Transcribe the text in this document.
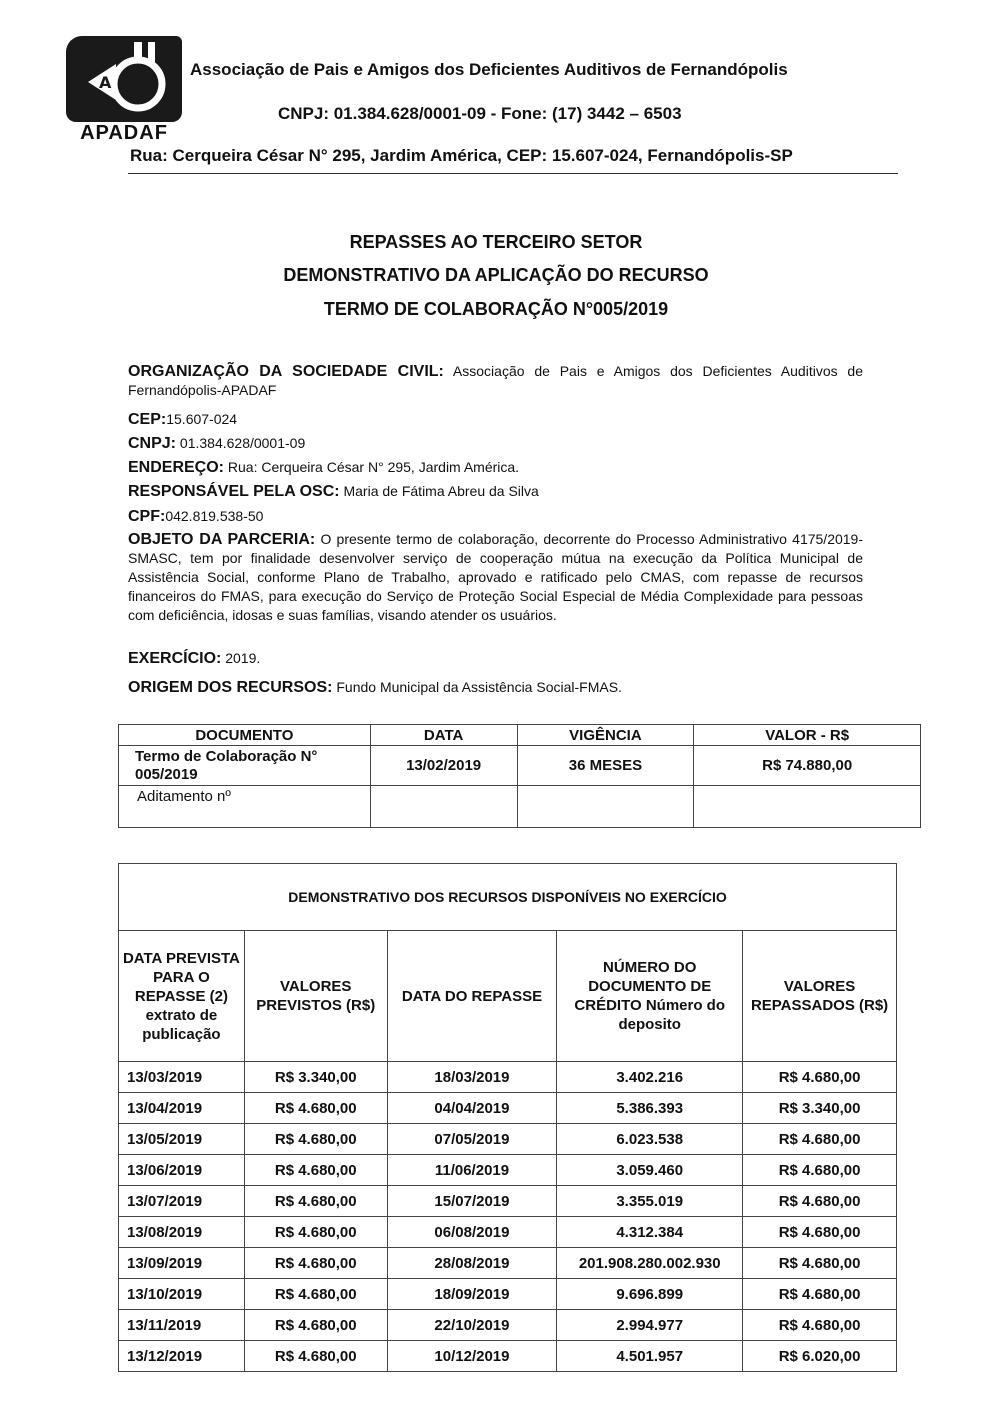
A
APADAF
Associação de Pais e Amigos dos Deficientes Auditivos de Fernandópolis
CNPJ: 01.384.628/0001-09 - Fone: (17) 3442 – 6503
Rua: Cerqueira César N° 295, Jardim América, CEP: 15.607-024, Fernandópolis-SP
REPASSES AO TERCEIRO SETOR
DEMONSTRATIVO DA APLICAÇÃO DO RECURSO
TERMO DE COLABORAÇÃO N°005/2019
ORGANIZAÇÃO DA SOCIEDADE CIVIL: Associação de Pais e Amigos dos Deficientes Auditivos de Fernandópolis-APADAF
CEP:15.607-024
CNPJ: 01.384.628/0001-09
ENDEREÇO: Rua: Cerqueira César N° 295, Jardim América.
RESPONSÁVEL PELA OSC: Maria de Fátima Abreu da Silva
CPF:042.819.538-50
OBJETO DA PARCERIA: O presente termo de colaboração, decorrente do Processo Administrativo 4175/2019-SMASC, tem por finalidade desenvolver serviço de cooperação mútua na execução da Política Municipal de Assistência Social, conforme Plano de Trabalho, aprovado e ratificado pelo CMAS, com repasse de recursos financeiros do FMAS, para execução do Serviço de Proteção Social Especial de Média Complexidade para pessoas com deficiência, idosas e suas famílias, visando atender os usuários.
EXERCÍCIO: 2019.
ORIGEM DOS RECURSOS: Fundo Municipal da Assistência Social-FMAS.
DOCUMENTO	DATA	VIGÊNCIA	VALOR - R$
Termo de Colaboração N° 005/2019	13/02/2019	36 MESES	R$ 74.880,00
Aditamento nº			
DEMONSTRATIVO DOS RECURSOS DISPONÍVEIS NO EXERCÍCIO				
DATA PREVISTA PARA O REPASSE (2) extrato de publicação	VALORES PREVISTOS (R$)	DATA DO REPASSE	NÚMERO DO DOCUMENTO DE CRÉDITO Número do deposito	VALORES REPASSADOS (R$)
13/03/2019	R$ 3.340,00	18/03/2019	3.402.216	R$ 4.680,00
13/04/2019	R$ 4.680,00	04/04/2019	5.386.393	R$ 3.340,00
13/05/2019	R$ 4.680,00	07/05/2019	6.023.538	R$ 4.680,00
13/06/2019	R$ 4.680,00	11/06/2019	3.059.460	R$ 4.680,00
13/07/2019	R$ 4.680,00	15/07/2019	3.355.019	R$ 4.680,00
13/08/2019	R$ 4.680,00	06/08/2019	4.312.384	R$ 4.680,00
13/09/2019	R$ 4.680,00	28/08/2019	201.908.280.002.930	R$ 4.680,00
13/10/2019	R$ 4.680,00	18/09/2019	9.696.899	R$ 4.680,00
13/11/2019	R$ 4.680,00	22/10/2019	2.994.977	R$ 4.680,00
13/12/2019	R$ 4.680,00	10/12/2019	4.501.957	R$ 6.020,00
